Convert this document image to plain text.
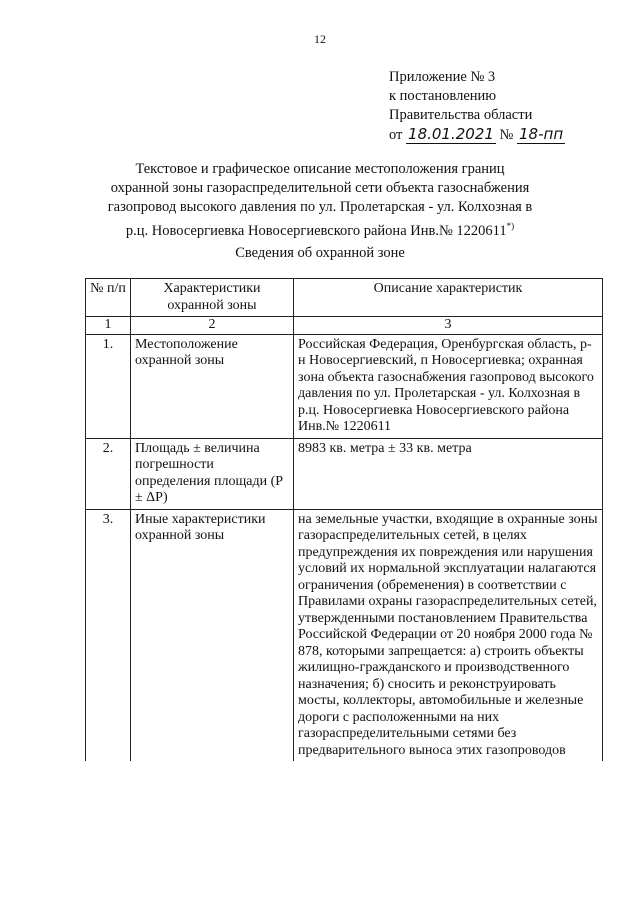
12
Приложение № 3
к постановлению
Правительства области
от 18.01.2021 № 18-пп
Текстовое и графическое описание местоположения границ
охранной зоны газораспределительной сети объекта газоснабжения
газопровод высокого давления по ул. Пролетарская - ул. Колхозная в
р.ц. Новосергиевка Новосергиевского района Инв.№ 1220611*)
Сведения об охранной зоне
№ п/п	Характеристики охранной зоны	Описание характеристик
1	2	3
1.	Местоположение охранной зоны	Российская Федерация, Оренбургская область, р-н Новосергиевский, п Новосергиевка; охранная зона объекта газоснабжения газопровод высокого давления по ул. Пролетарская - ул. Колхозная в р.ц. Новосергиевка Новосергиевского района Инв.№ 1220611
2.	Площадь ± величина погрешности определения площади (Р ± ΔР)	8983 кв. метра ± 33 кв. метра
3.	Иные характеристики охранной зоны	на земельные участки, входящие в охранные зоны газораспределительных сетей, в целях предупреждения их повреждения или нарушения условий их нормальной эксплуатации налагаются ограничения (обременения) в соответствии с Правилами охраны газораспределительных сетей, утвержденными постановлением Правительства Российской Федерации от 20 ноября 2000 года № 878, которыми запрещается: а) строить объекты жилищно-гражданского и производственного назначения; б) сносить и реконструировать мосты, коллекторы, автомобильные и железные дороги с расположенными на них газораспределительными сетями без предварительного выноса этих газопроводов
